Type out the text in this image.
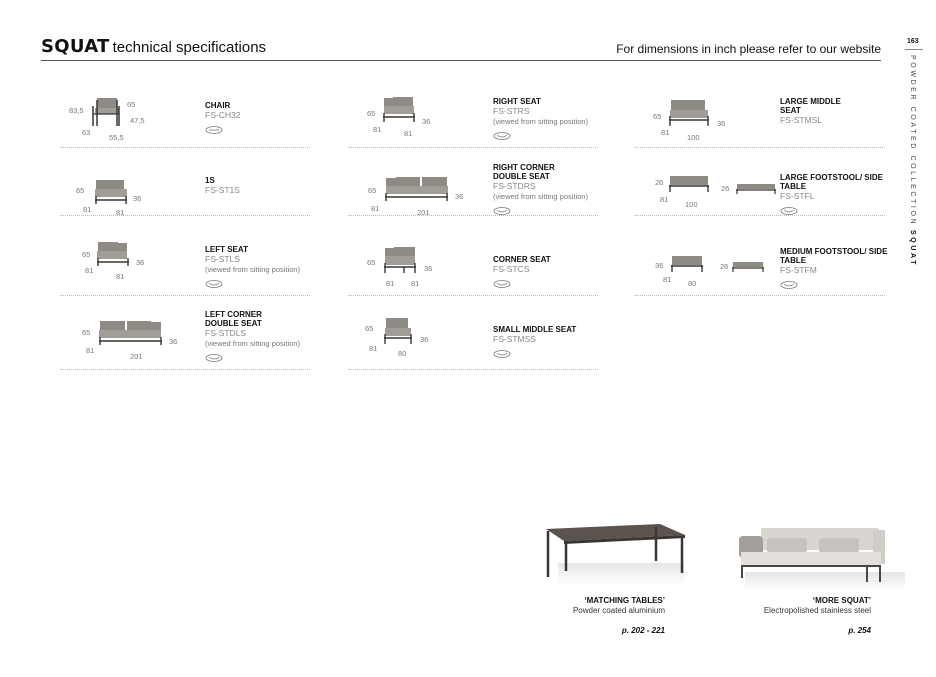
SQUAT technical specifications	For dimensions in inch please refer to our website
163
POWDER COATED COLLECTIONSQUAT
83,5
65
47,5
63
55,5
CHAIR
FS-CH32
65
36
81	81
1S
FS-ST1S
65
36
81
81
LEFT SEAT
FS-STLS
(viewed from sitting position)
65
36
81
201
LEFT CORNER DOUBLE SEAT
FS-STDLS
(viewed from sitting position)
65
36
81	81
RIGHT SEAT
FS-STRS
(viewed from sitting position)
65
36
81	201
RIGHT CORNER DOUBLE SEAT
FS-STDRS
(viewed from sitting position)
65
36
81 81
CORNER SEAT
FS-STCS
65
36
81
80
SMALL MIDDLE SEAT
FS-STMSS
65
36
81
100
LARGE MIDDLE SEAT
FS-STMSL
26
26
81
100
LARGE FOOTSTOOL/ SIDE TABLE
FS-STFL
36	26
81 80
MEDIUM FOOTSTOOL/ SIDE TABLE
FS-STFM
‘MATCHING TABLES’
Powder coated aluminium
p. 202 - 221
‘MORE SQUAT’
Electropolished stainless steel
p. 254
